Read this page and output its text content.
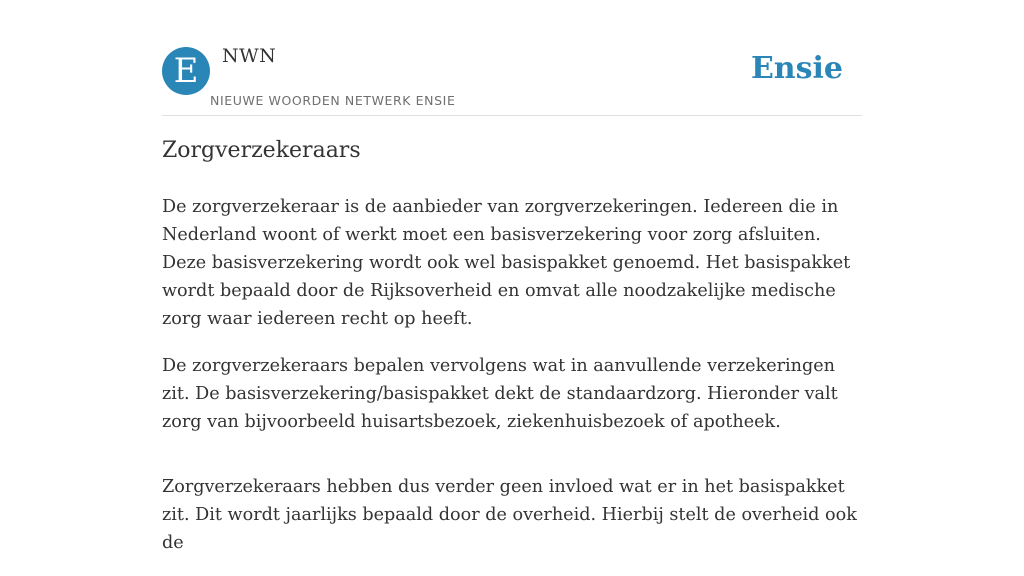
E	NWN
NIEUWE WOORDEN NETWERK ENSIE
Ensie
Zorgverzekeraars

De zorgverzekeraar is de aanbieder van zorgverzekeringen. Iedereen die in Nederland woont of werkt moet een basisverzekering voor zorg afsluiten. Deze basisverzekering wordt ook wel basispakket genoemd. Het basispakket wordt bepaald door de Rijksoverheid en omvat alle noodzakelijke medische zorg waar iedereen recht op heeft.

De zorgverzekeraars bepalen vervolgens wat in aanvullende verzekeringen zit. De basisverzekering/basispakket dekt de standaardzorg. Hieronder valt zorg van bijvoorbeeld huisartsbezoek, ziekenhuisbezoek of apotheek.

Zorgverzekeraars hebben dus verder geen invloed wat er in het basispakket zit. Dit wordt jaarlijks bepaald door de overheid. Hierbij stelt de overheid ook de
